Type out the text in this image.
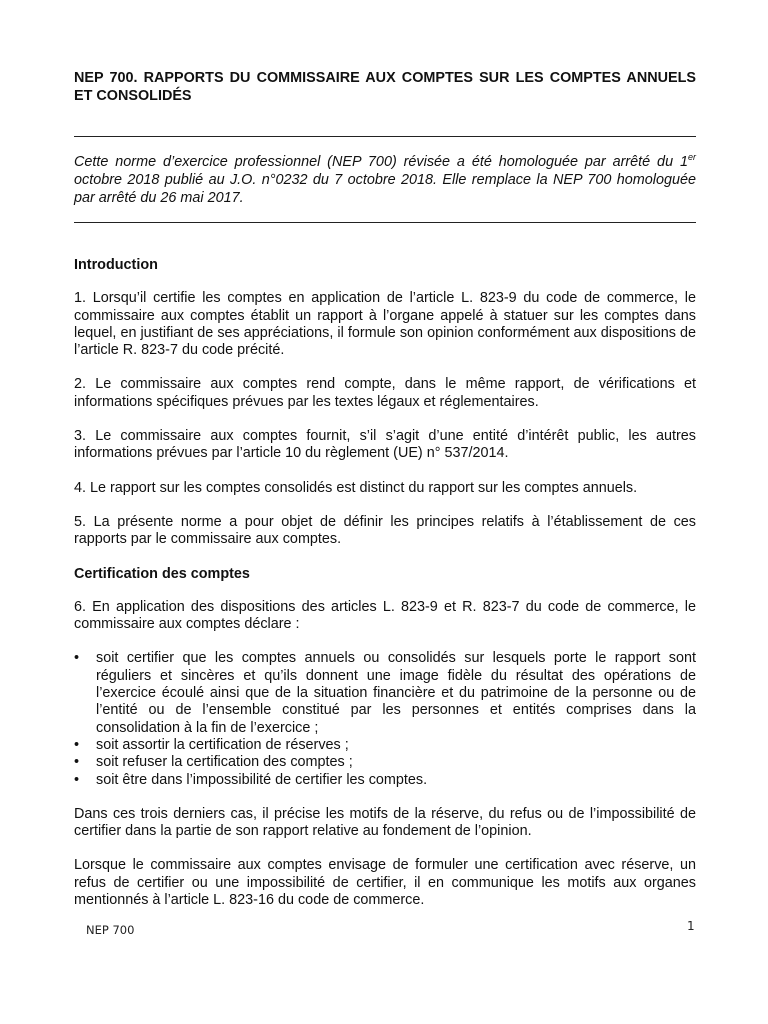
NEP 700. RAPPORTS DU COMMISSAIRE AUX COMPTES SUR LES COMPTES ANNUELS ET CONSOLIDÉS

Cette norme d’exercice professionnel (NEP 700) révisée a été homologuée par arrêté du 1er octobre 2018 publié au J.O. n°0232 du 7 octobre 2018. Elle remplace la NEP 700 homologuée par arrêté du 26 mai 2017.

Introduction

1. Lorsqu’il certifie les comptes en application de l’article L. 823-9 du code de commerce, le commissaire aux comptes établit un rapport à l’organe appelé à statuer sur les comptes dans lequel, en justifiant de ses appréciations, il formule son opinion conformément aux dispositions de l’article R. 823-7 du code précité.

2. Le commissaire aux comptes rend compte, dans le même rapport, de vérifications et informations spécifiques prévues par les textes légaux et réglementaires.

3. Le commissaire aux comptes fournit, s’il s’agit d’une entité d’intérêt public, les autres informations prévues par l’article 10 du règlement (UE) n° 537/2014.

4. Le rapport sur les comptes consolidés est distinct du rapport sur les comptes annuels.

5. La présente norme a pour objet de définir les principes relatifs à l’établissement de ces rapports par le commissaire aux comptes.

Certification des comptes

6. En application des dispositions des articles L. 823-9 et R. 823-7 du code de commerce, le commissaire aux comptes déclare :

• soit certifier que les comptes annuels ou consolidés sur lesquels porte le rapport sont réguliers et sincères et qu’ils donnent une image fidèle du résultat des opérations de l’exercice écoulé ainsi que de la situation financière et du patrimoine de la personne ou de l’entité ou de l’ensemble constitué par les personnes et entités comprises dans la consolidation à la fin de l’exercice ;
• soit assortir la certification de réserves ;
• soit refuser la certification des comptes ;
• soit être dans l’impossibilité de certifier les comptes.

Dans ces trois derniers cas, il précise les motifs de la réserve, du refus ou de l’impossibilité de certifier dans la partie de son rapport relative au fondement de l’opinion.

Lorsque le commissaire aux comptes envisage de formuler une certification avec réserve, un refus de certifier ou une impossibilité de certifier, il en communique les motifs aux organes mentionnés à l’article L. 823-16 du code de commerce.

NEP 700	1
